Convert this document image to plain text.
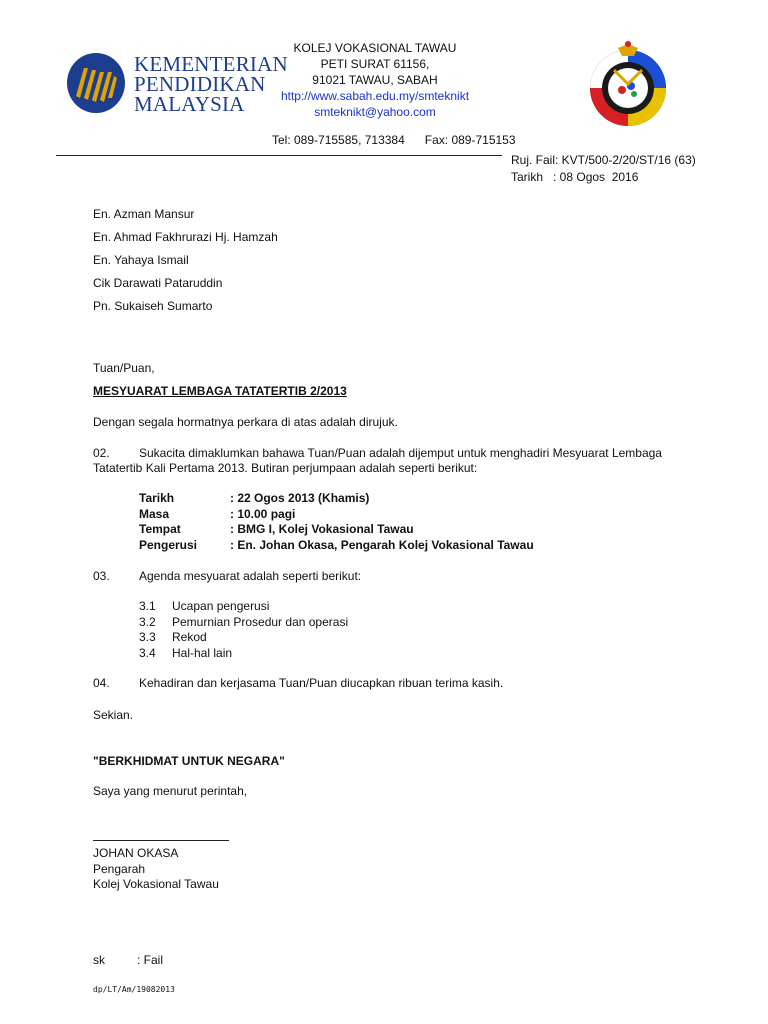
KEMENTERIAN
PENDIDIKAN
MALAYSIA
KOLEJ VOKASIONAL TAWAU
PETI SURAT 61156,
91021 TAWAU, SABAH
http://www.sabah.edu.my/smteknikt
smteknikt@yahoo.com
Tel: 089-715585, 713384 Fax: 089-715153
Ruj. Fail: KVT/500-2/20/ST/16 (63)
Tarikh   : 08 Ogos  2016
En. Azman Mansur
En. Ahmad Fakhrurazi Hj. Hamzah
En. Yahaya Ismail
Cik Darawati Pataruddin
Pn. Sukaiseh Sumarto
Tuan/Puan,
MESYUARAT LEMBAGA TATATERTIB 2/2013
Dengan segala hormatnya perkara di atas adalah dirujuk.
02. Sukacita dimaklumkan bahawa Tuan/Puan adalah dijemput untuk menghadiri Mesyuarat Lembaga Tatatertib Kali Pertama 2013. Butiran perjumpaan adalah seperti berikut:
Tarikh	: 22 Ogos 2013 (Khamis)
Masa	: 10.00 pagi
Tempat	: BMG I, Kolej Vokasional Tawau
Pengerusi	: En. Johan Okasa, Pengarah Kolej Vokasional Tawau
03. Agenda mesyuarat adalah seperti berikut:
3.1 Ucapan pengerusi
3.2 Pemurnian Prosedur dan operasi
3.3 Rekod
3.4 Hal-hal lain
04. Kehadiran dan kerjasama Tuan/Puan diucapkan ribuan terima kasih.
Sekian.
"BERKHIDMAT UNTUK NEGARA"
Saya yang menurut perintah,
JOHAN OKASA
Pengarah
Kolej Vokasional Tawau
sk	: Fail
dp/LT/Am/19082013
